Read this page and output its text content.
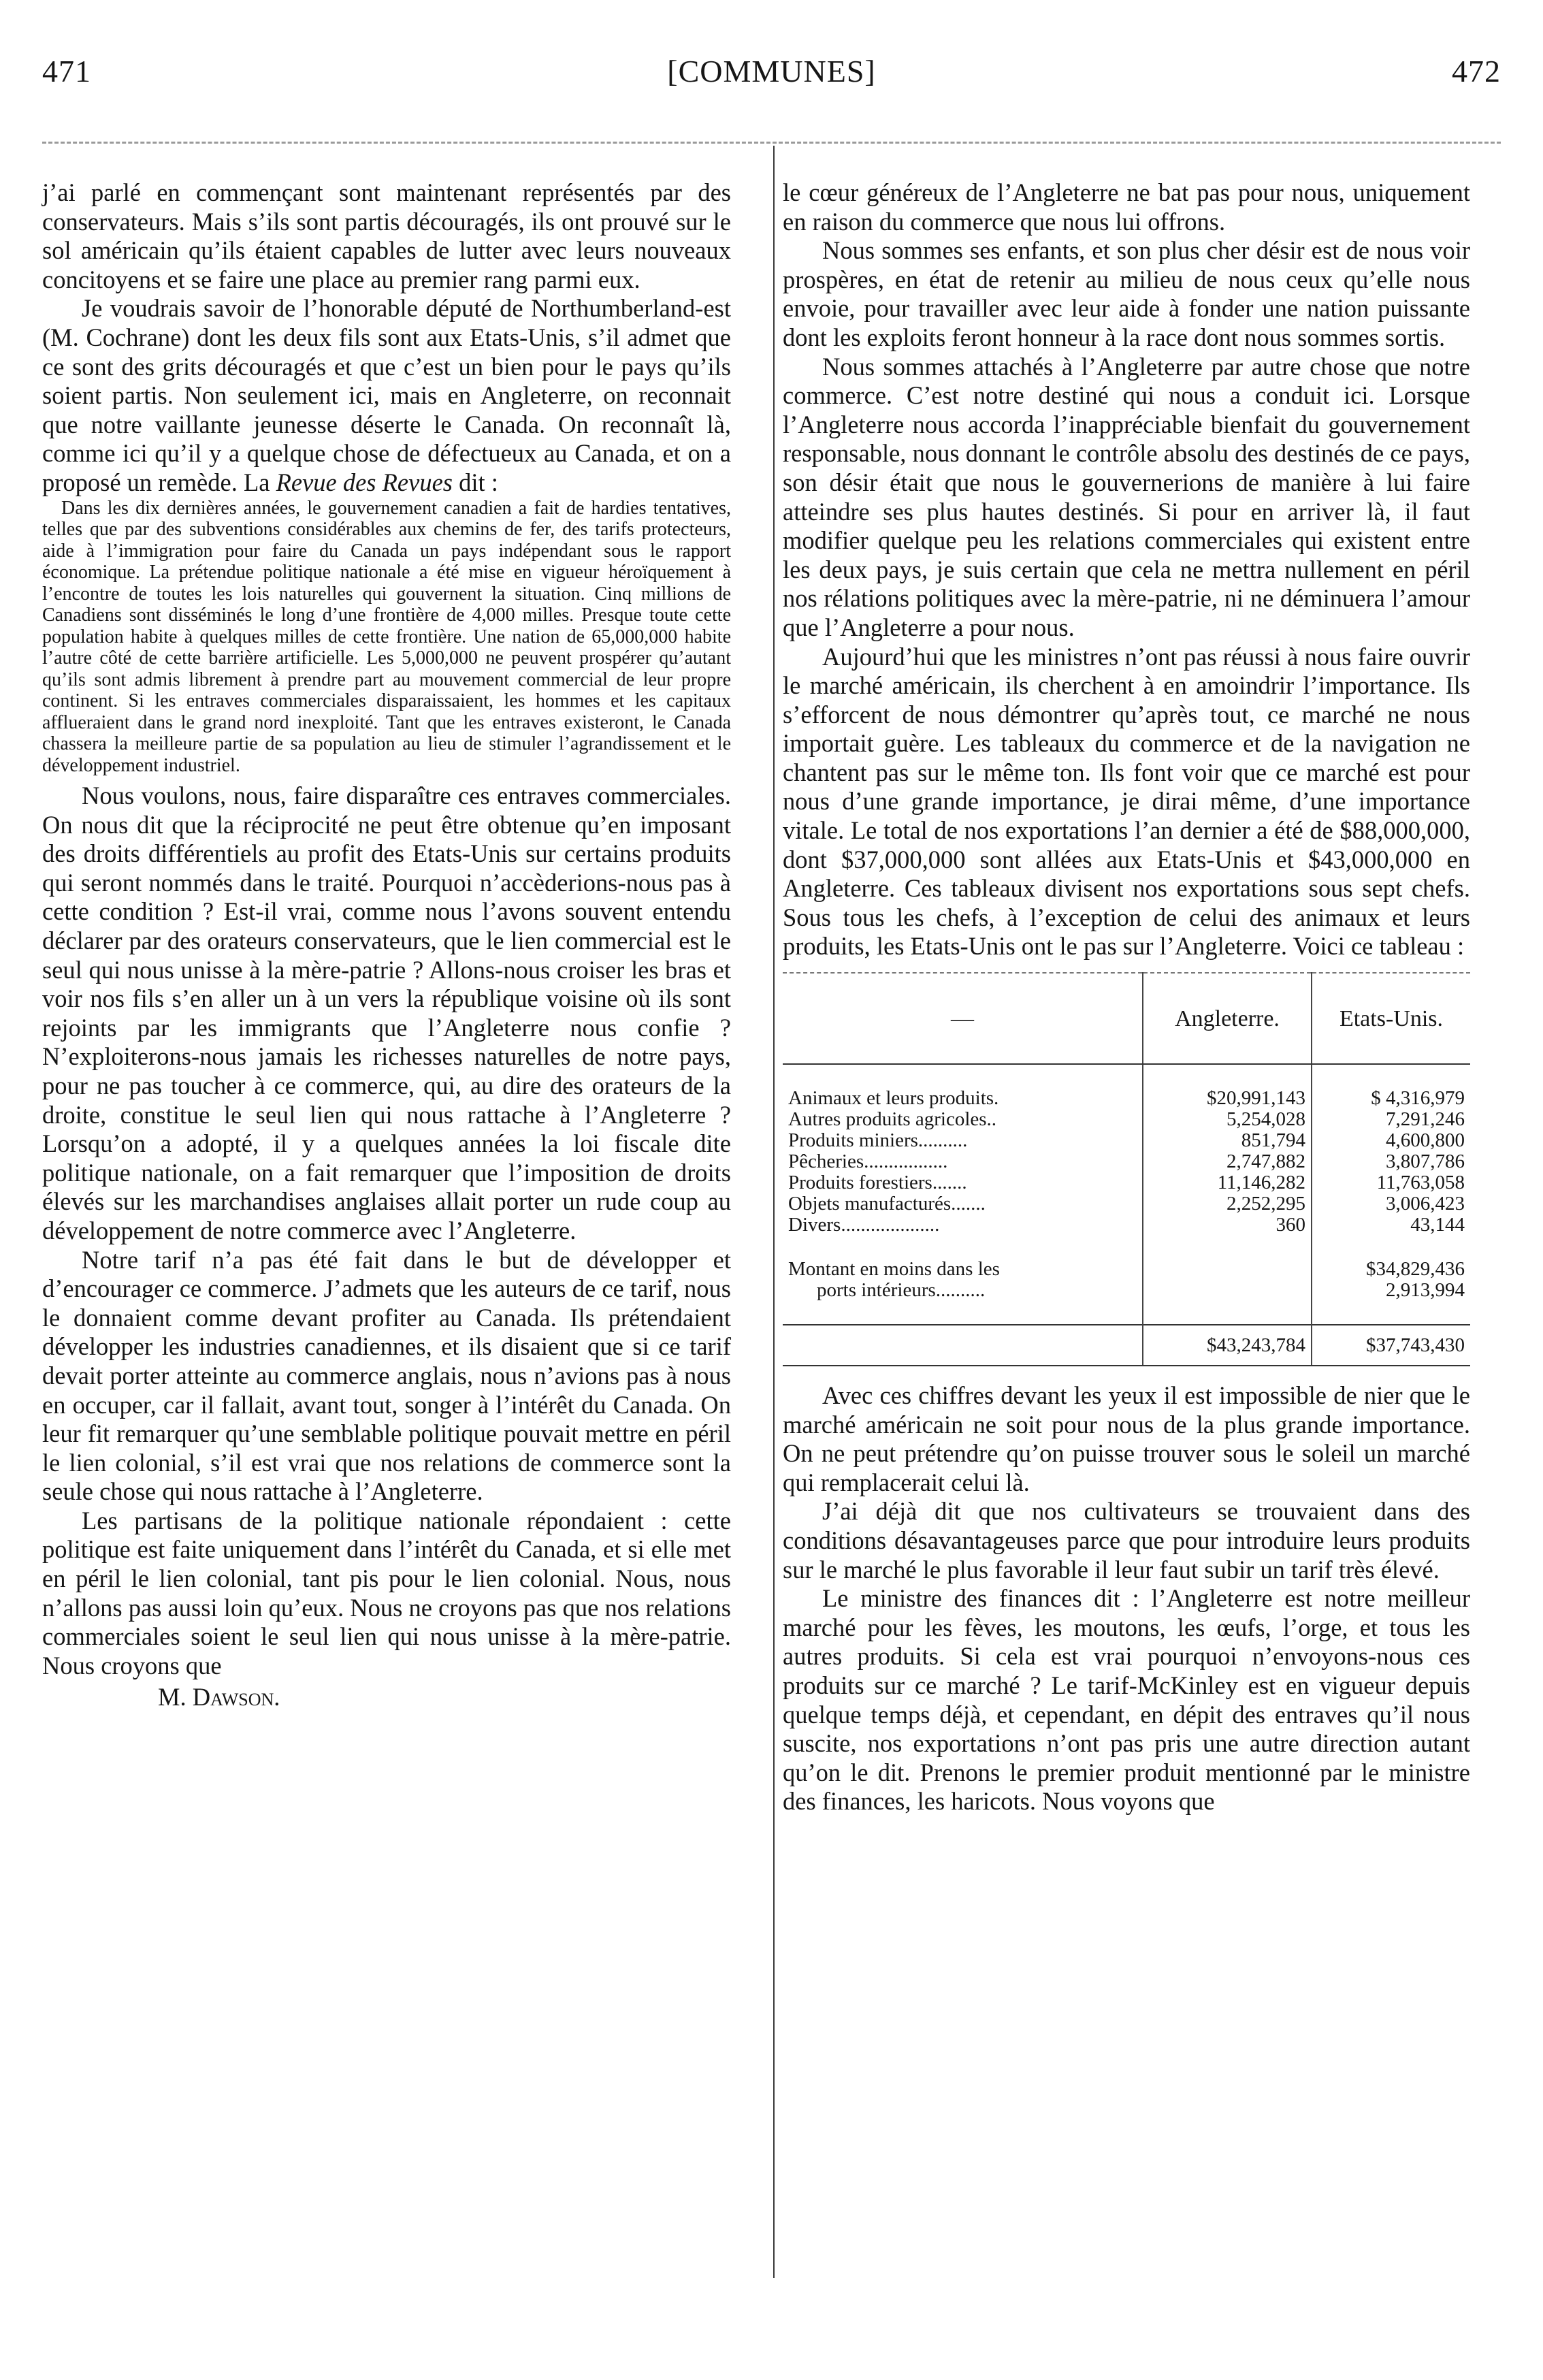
471	[COMMUNES]	472

j’ai parlé en commençant sont maintenant représentés par des conservateurs. Mais s’ils sont partis découragés, ils ont prouvé sur le sol américain qu’ils étaient capables de lutter avec leurs nouveaux concitoyens et se faire une place au premier rang parmi eux.

Je voudrais savoir de l’honorable député de Northumberland-est (M. Cochrane) dont les deux fils sont aux Etats-Unis, s’il admet que ce sont des grits découragés et que c’est un bien pour le pays qu’ils soient partis. Non seulement ici, mais en Angleterre, on reconnait que notre vaillante jeunesse déserte le Canada. On reconnaît là, comme ici qu’il y a quelque chose de défectueux au Canada, et on a proposé un remède. La Revue des Revues dit :

Dans les dix dernières années, le gouvernement canadien a fait de hardies tentatives, telles que par des subventions considérables aux chemins de fer, des tarifs protecteurs, aide à l’immigration pour faire du Canada un pays indépendant sous le rapport économique. La prétendue politique nationale a été mise en vigueur héroïquement à l’encontre de toutes les lois naturelles qui gouvernent la situation. Cinq millions de Canadiens sont disséminés le long d’une frontière de 4,000 milles. Presque toute cette population habite à quelques milles de cette frontière. Une nation de 65,000,000 habite l’autre côté de cette barrière artificielle. Les 5,000,000 ne peuvent prospérer qu’autant qu’ils sont admis librement à prendre part au mouvement commercial de leur propre continent. Si les entraves commerciales disparaissaient, les hommes et les capitaux afflueraient dans le grand nord inexploité. Tant que les entraves existeront, le Canada chassera la meilleure partie de sa population au lieu de stimuler l’agrandissement et le développement industriel.

Nous voulons, nous, faire disparaître ces entraves commerciales. On nous dit que la réciprocité ne peut être obtenue qu’en imposant des droits différentiels au profit des Etats-Unis sur certains produits qui seront nommés dans le traité. Pourquoi n’accèderions-nous pas à cette condition ? Est-il vrai, comme nous l’avons souvent entendu déclarer par des orateurs conservateurs, que le lien commercial est le seul qui nous unisse à la mère-patrie ? Allons-nous croiser les bras et voir nos fils s’en aller un à un vers la république voisine où ils sont rejoints par les immigrants que l’Angleterre nous confie ? N’exploiterons-nous jamais les richesses naturelles de notre pays, pour ne pas toucher à ce commerce, qui, au dire des orateurs de la droite, constitue le seul lien qui nous rattache à l’Angleterre ? Lorsqu’on a adopté, il y a quelques années la loi fiscale dite politique nationale, on a fait remarquer que l’imposition de droits élevés sur les marchandises anglaises allait porter un rude coup au développement de notre commerce avec l’Angleterre.

Notre tarif n’a pas été fait dans le but de développer et d’encourager ce commerce. J’admets que les auteurs de ce tarif, nous le donnaient comme devant profiter au Canada. Ils prétendaient développer les industries canadiennes, et ils disaient que si ce tarif devait porter atteinte au commerce anglais, nous n’avions pas à nous en occuper, car il fallait, avant tout, songer à l’intérêt du Canada. On leur fit remarquer qu’une semblable politique pouvait mettre en péril le lien colonial, s’il est vrai que nos relations de commerce sont la seule chose qui nous rattache à l’Angleterre.

Les partisans de la politique nationale répondaient : cette politique est faite uniquement dans l’intérêt du Canada, et si elle met en péril le lien colonial, tant pis pour le lien colonial. Nous, nous n’allons pas aussi loin qu’eux. Nous ne croyons pas que nos relations commerciales soient le seul lien qui nous unisse à la mère-patrie. Nous croyons que

M. Dawson.

le cœur généreux de l’Angleterre ne bat pas pour nous, uniquement en raison du commerce que nous lui offrons.

Nous sommes ses enfants, et son plus cher désir est de nous voir prospères, en état de retenir au milieu de nous ceux qu’elle nous envoie, pour travailler avec leur aide à fonder une nation puissante dont les exploits feront honneur à la race dont nous sommes sortis.

Nous sommes attachés à l’Angleterre par autre chose que notre commerce. C’est notre destiné qui nous a conduit ici. Lorsque l’Angleterre nous accorda l’inappréciable bienfait du gouvernement responsable, nous donnant le contrôle absolu des destinés de ce pays, son désir était que nous le gouvernerions de manière à lui faire atteindre ses plus hautes destinés. Si pour en arriver là, il faut modifier quelque peu les relations commerciales qui existent entre les deux pays, je suis certain que cela ne mettra nullement en péril nos rélations politiques avec la mère-patrie, ni ne déminuera l’amour que l’Angleterre a pour nous.

Aujourd’hui que les ministres n’ont pas réussi à nous faire ouvrir le marché américain, ils cherchent à en amoindrir l’importance. Ils s’efforcent de nous démontrer qu’après tout, ce marché ne nous importait guère. Les tableaux du commerce et de la navigation ne chantent pas sur le même ton. Ils font voir que ce marché est pour nous d’une grande importance, je dirai même, d’une importance vitale. Le total de nos exportations l’an dernier a été de $88,000,000, dont $37,000,000 sont allées aux Etats-Unis et $43,000,000 en Angleterre. Ces tableaux divisent nos exportations sous sept chefs. Sous tous les chefs, à l’exception de celui des animaux et leurs produits, les Etats-Unis ont le pas sur l’Angleterre. Voici ce tableau :

—	Angleterre.	Etats-Unis.

Animaux et leurs produits.	$20,991,143	$ 4,316,979
Autres produits agricoles..	5,254,028	7,291,246
Produits miniers..........	851,794	4,600,800
Pêcheries.................	2,747,882	3,807,786
Produits forestiers.......	11,146,282	11,763,058
Objets manufacturés.......	2,252,295	3,006,423
Divers....................	360	43,144

Montant en moins dans les		$34,829,436
ports intérieurs..........		2,913,994

	$43,243,784	$37,743,430

Avec ces chiffres devant les yeux il est impossible de nier que le marché américain ne soit pour nous de la plus grande importance. On ne peut prétendre qu’on puisse trouver sous le soleil un marché qui remplacerait celui là.

J’ai déjà dit que nos cultivateurs se trouvaient dans des conditions désavantageuses parce que pour introduire leurs produits sur le marché le plus favorable il leur faut subir un tarif très élevé.

Le ministre des finances dit : l’Angleterre est notre meilleur marché pour les fèves, les moutons, les œufs, l’orge, et tous les autres produits. Si cela est vrai pourquoi n’envoyons-nous ces produits sur ce marché ? Le tarif-McKinley est en vigueur depuis quelque temps déjà, et cependant, en dépit des entraves qu’il nous suscite, nos exportations n’ont pas pris une autre direction autant qu’on le dit. Prenons le premier produit mentionné par le ministre des finances, les haricots. Nous voyons que
